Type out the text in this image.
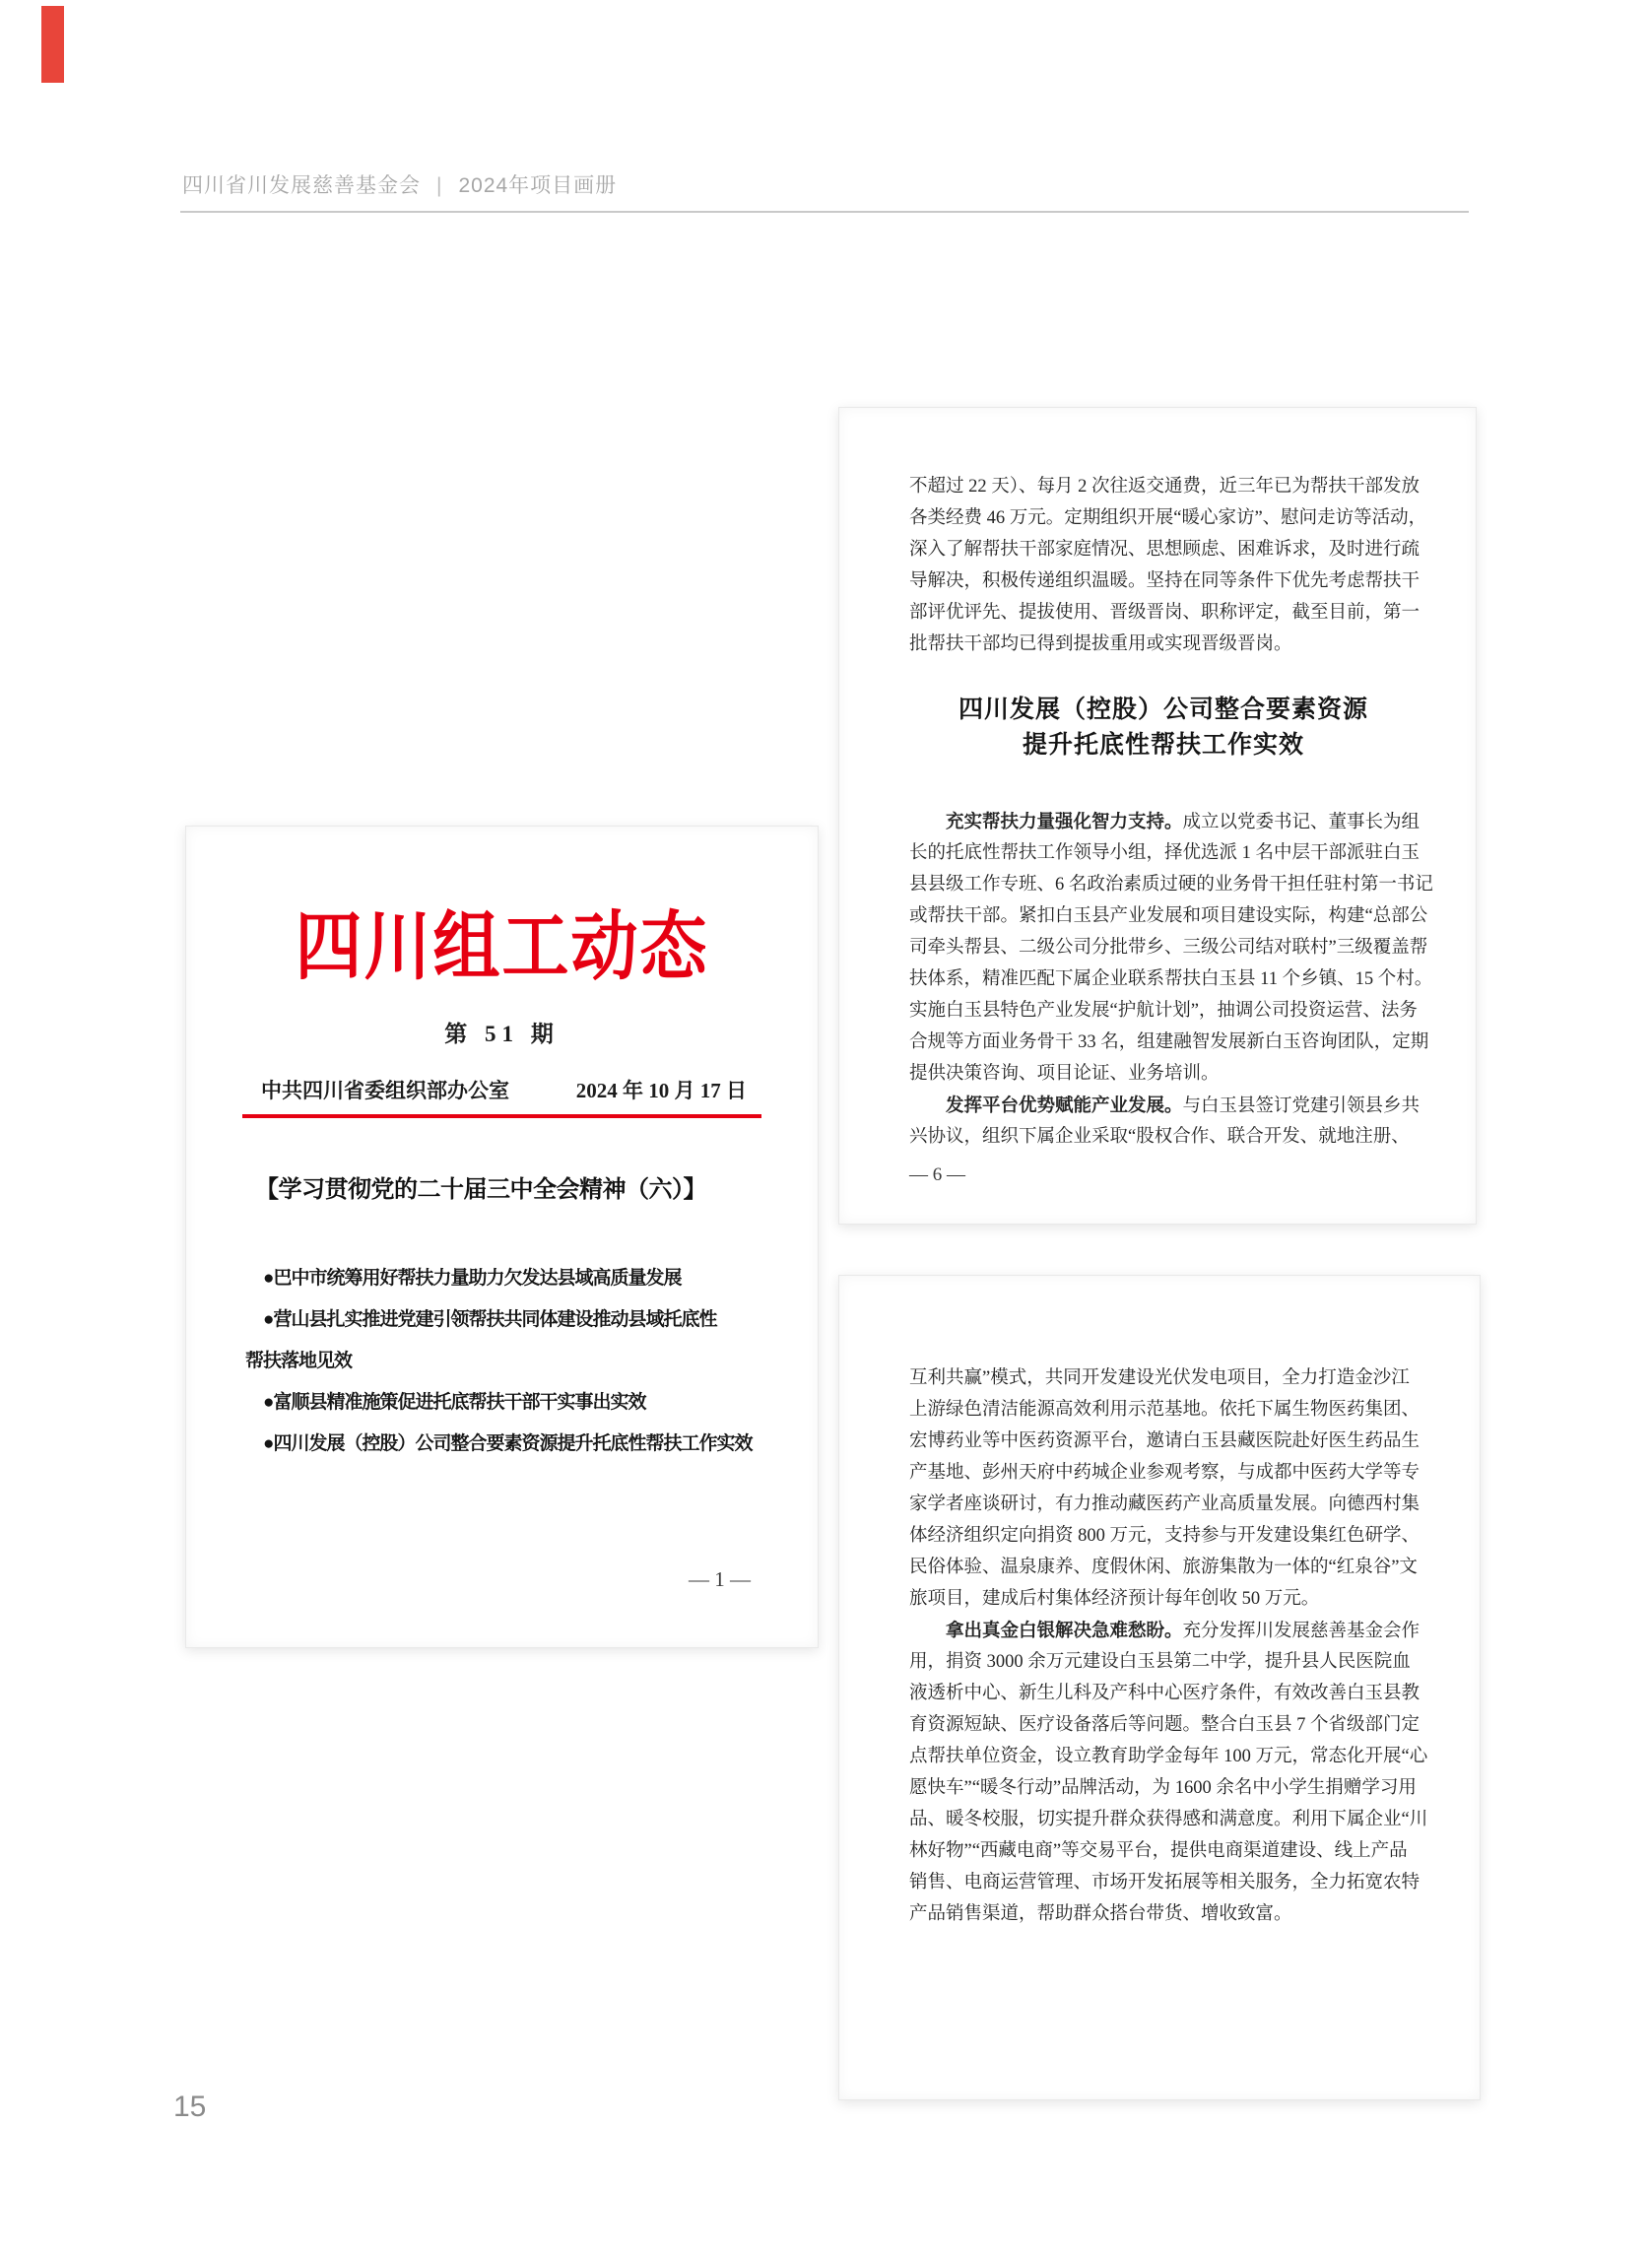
四川省川发展慈善基金会 | 2024年项目画册
四川组工动态
第 51 期
中共四川省委组织部办公室	2024 年 10 月 17 日
【学习贯彻党的二十届三中全会精神（六）】
　●巴中市统筹用好帮扶力量助力欠发达县域高质量发展
　●营山县扎实推进党建引领帮扶共同体建设推动县域托底性
帮扶落地见效
　●富顺县精准施策促进托底帮扶干部干实事出实效
　●四川发展（控股）公司整合要素资源提升托底性帮扶工作实效
— 1 —
不超过 22 天）、每月 2 次往返交通费，近三年已为帮扶干部发放
各类经费 46 万元。定期组织开展“暖心家访”、慰问走访等活动，
深入了解帮扶干部家庭情况、思想顾虑、困难诉求，及时进行疏
导解决，积极传递组织温暖。坚持在同等条件下优先考虑帮扶干
部评优评先、提拔使用、晋级晋岗、职称评定，截至目前，第一
批帮扶干部均已得到提拔重用或实现晋级晋岗。
四川发展（控股）公司整合要素资源
提升托底性帮扶工作实效
充实帮扶力量强化智力支持。成立以党委书记、董事长为组
长的托底性帮扶工作领导小组，择优选派 1 名中层干部派驻白玉
县县级工作专班、6 名政治素质过硬的业务骨干担任驻村第一书记
或帮扶干部。紧扣白玉县产业发展和项目建设实际，构建“总部公
司牵头帮县、二级公司分批带乡、三级公司结对联村”三级覆盖帮
扶体系，精准匹配下属企业联系帮扶白玉县 11 个乡镇、15 个村。
实施白玉县特色产业发展“护航计划”，抽调公司投资运营、法务
合规等方面业务骨干 33 名，组建融智发展新白玉咨询团队，定期
提供决策咨询、项目论证、业务培训。
发挥平台优势赋能产业发展。与白玉县签订党建引领县乡共
兴协议，组织下属企业采取“股权合作、联合开发、就地注册、
— 6 —
互利共赢”模式，共同开发建设光伏发电项目，全力打造金沙江
上游绿色清洁能源高效利用示范基地。依托下属生物医药集团、
宏博药业等中医药资源平台，邀请白玉县藏医院赴好医生药品生
产基地、彭州天府中药城企业参观考察，与成都中医药大学等专
家学者座谈研讨，有力推动藏医药产业高质量发展。向德西村集
体经济组织定向捐资 800 万元，支持参与开发建设集红色研学、
民俗体验、温泉康养、度假休闲、旅游集散为一体的“红泉谷”文
旅项目，建成后村集体经济预计每年创收 50 万元。
拿出真金白银解决急难愁盼。充分发挥川发展慈善基金会作
用，捐资 3000 余万元建设白玉县第二中学，提升县人民医院血
液透析中心、新生儿科及产科中心医疗条件，有效改善白玉县教
育资源短缺、医疗设备落后等问题。整合白玉县 7 个省级部门定
点帮扶单位资金，设立教育助学金每年 100 万元，常态化开展“心
愿快车”“暖冬行动”品牌活动，为 1600 余名中小学生捐赠学习用
品、暖冬校服，切实提升群众获得感和满意度。利用下属企业“川
林好物”“西藏电商”等交易平台，提供电商渠道建设、线上产品
销售、电商运营管理、市场开发拓展等相关服务，全力拓宽农特
产品销售渠道，帮助群众搭台带货、增收致富。
15
